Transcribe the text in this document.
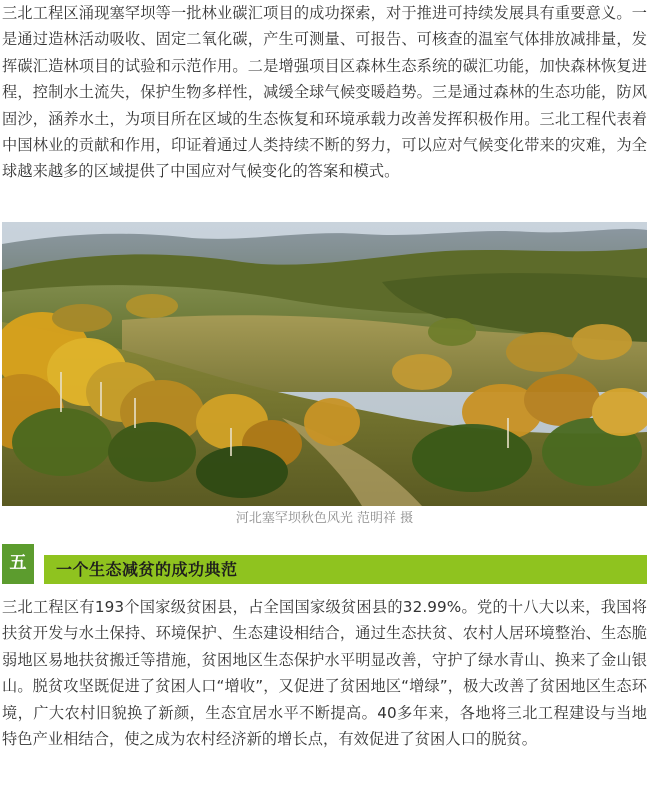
三北工程区涌现塞罕坝等一批林业碳汇项目的成功探索，对于推进可持续发展具有重要意义。一是通过造林活动吸收、固定二氧化碳，产生可测量、可报告、可核查的温室气体排放减排量，发挥碳汇造林项目的试验和示范作用。二是增强项目区森林生态系统的碳汇功能，加快森林恢复进程，控制水土流失，保护生物多样性，减缓全球气候变暖趋势。三是通过森林的生态功能，防风固沙，涵养水土，为项目所在区域的生态恢复和环境承载力改善发挥积极作用。三北工程代表着中国林业的贡献和作用，印证着通过人类持续不断的努力，可以应对气候变化带来的灾难，为全球越来越多的区域提供了中国应对气候变化的答案和模式。

河北塞罕坝秋色风光 范明祥 摄
五	一个生态减贫的成功典范

三北工程区有193个国家级贫困县，占全国国家级贫困县的32.99%。党的十八大以来，我国将扶贫开发与水土保持、环境保护、生态建设相结合，通过生态扶贫、农村人居环境整治、生态脆弱地区易地扶贫搬迁等措施，贫困地区生态保护水平明显改善，守护了绿水青山、换来了金山银山。脱贫攻坚既促进了贫困人口“增收”，又促进了贫困地区“增绿”，极大改善了贫困地区生态环境，广大农村旧貌换了新颜，生态宜居水平不断提高。40多年来，各地将三北工程建设与当地特色产业相结合，使之成为农村经济新的增长点，有效促进了贫困人口的脱贫。
